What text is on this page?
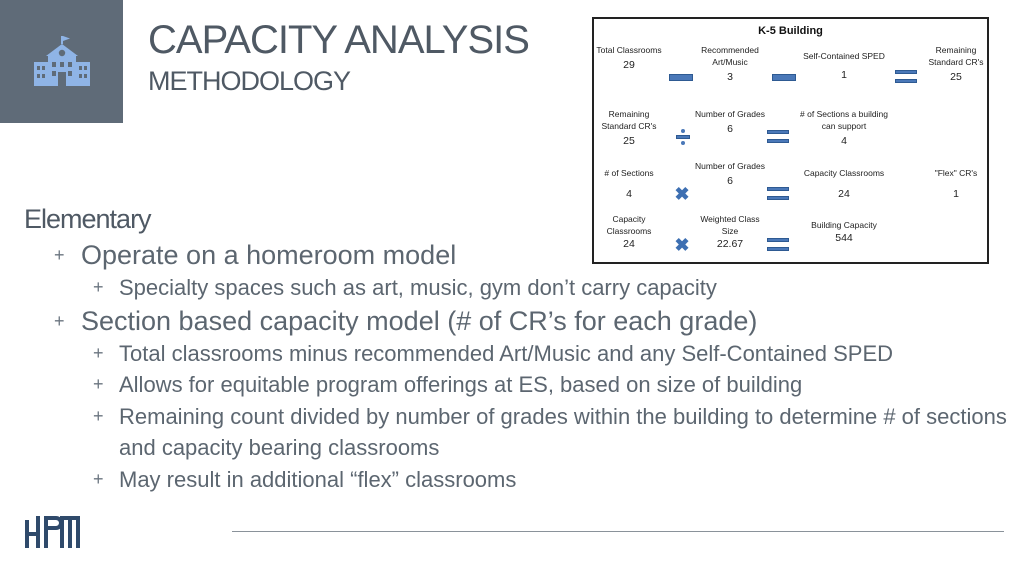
CAPACITY ANALYSIS
METHODOLOGY
K-5 Building
Total Classrooms
29
Recommended Art/Music
3
Self-Contained SPED
1
Remaining Standard CR's
25
Remaining Standard CR's
25
Number of Grades
6
# of Sections a building can support
4
# of Sections
4	✖
Number of Grades
6
Capacity Classrooms
24
"Flex" CR's
1
Capacity Classrooms
24	✖
Weighted Class Size
22.67
Building Capacity
544
Elementary
+ Operate on a homeroom model
+ Specialty spaces such as art, music, gym don’t carry capacity
+ Section based capacity model (# of CR’s for each grade)
+ Total classrooms minus recommended Art/Music and any Self-Contained SPED
+ Allows for equitable program offerings at ES, based on size of building
+ Remaining count divided by number of grades within the building to determine # of sections and capacity bearing classrooms
+ May result in additional “flex” classrooms
